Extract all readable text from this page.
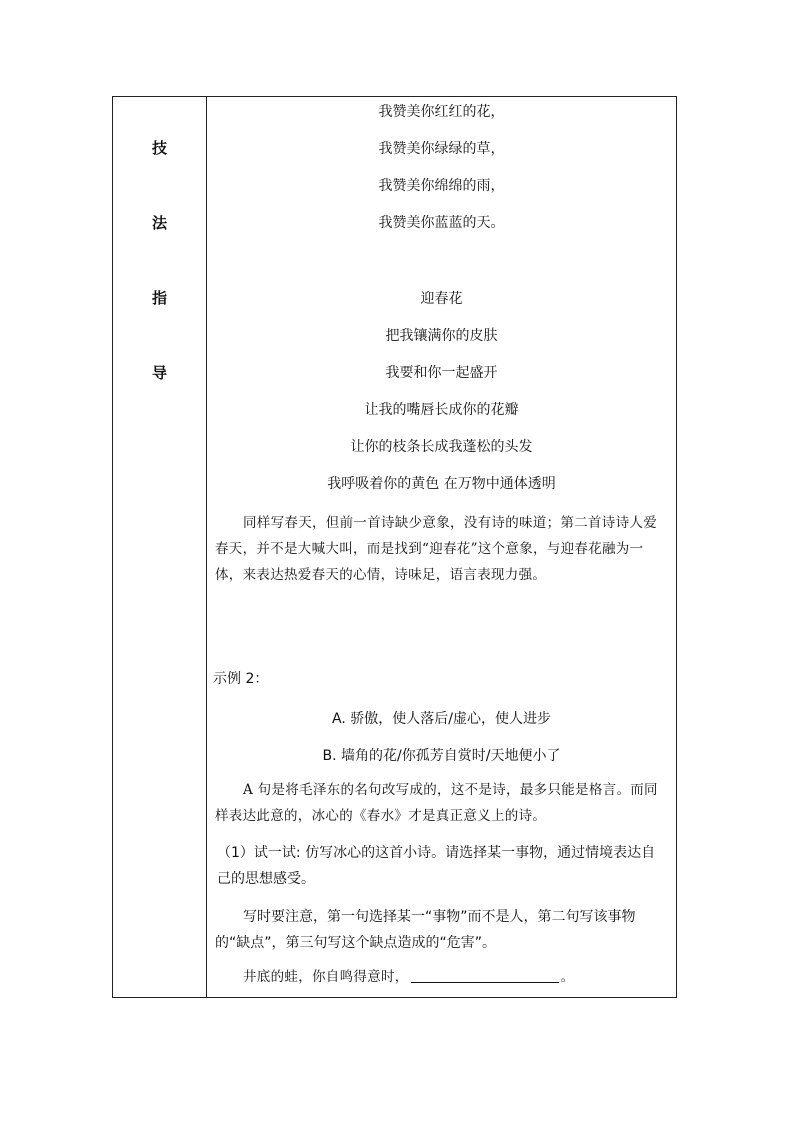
技
法
指
导
我赞美你红红的花，
我赞美你绿绿的草，
我赞美你绵绵的雨，
我赞美你蓝蓝的天。
迎春花
把我镶满你的皮肤
我要和你一起盛开
让我的嘴唇长成你的花瓣
让你的枝条长成我蓬松的头发
我呼吸着你的黄色 在万物中通体透明
同样写春天，但前一首诗缺少意象，没有诗的味道；第二首诗诗人爱春天，并不是大喊大叫，而是找到“迎春花”这个意象，与迎春花融为一体，来表达热爱春天的心情，诗味足，语言表现力强。
示例 2：
A. 骄傲，使人落后/虚心，使人进步
B. 墙角的花/你孤芳自赏时/天地便小了
A 句是将毛泽东的名句改写成的，这不是诗，最多只能是格言。而同样表达此意的，冰心的《春水》才是真正意义上的诗。
（1）试一试: 仿写冰心的这首小诗。请选择某一事物，通过情境表达自己的思想感受。
写时要注意，第一句选择某一“事物”而不是人，第二句写该事物的“缺点”，第三句写这个缺点造成的“危害”。
井底的蛙，你自鸣得意时，	。
